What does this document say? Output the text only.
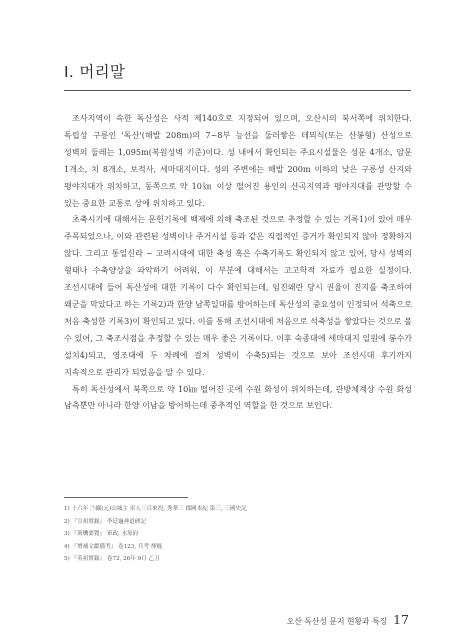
Ⅰ. 머리말

조사지역이 속한 독산성은 사적 제140호로 지정되어 있으며, 오산시의 북서쪽에 위치한다. 독립성 구릉인 '독산'(해발 208m)의 7~8부 능선을 둘러쌓은 테뫼식(또는 산봉형) 산성으로 성벽의 둘레는 1,095m(복원성벽 기준)이다. 성 내에서 확인되는 주요시설물은 성문 4개소, 암문 1개소, 치 8개소, 보적사, 세마대지이다. 성의 주변에는 해발 200m 이하의 낮은 구릉성 산지와 평야지대가 위치하고, 동쪽으로 약 10㎞ 이상 떨어진 용인의 산곡지역과 평야지대를 관망할 수 있는 중요한 교통로 상에 위치하고 있다.

초축시기에 대해서는 문헌기록에 백제에 의해 축조된 것으로 추정할 수 있는 기록1)이 있어 매우 주목되었으나, 이와 관련된 성벽이나 주거시설 등과 같은 직접적인 증거가 확인되지 않아 정확하지 않다. 그리고 통일신라 ~ 고려시대에 대한 축성 혹은 수축기록도 확인되지 않고 있어, 당시 성벽의 형태나 수축양상을 파악하기 어려워, 이 부분에 대해서는 고고학적 자료가 필요한 실정이다. 조선시대에 들어 독산성에 대한 기록이 다수 확인되는데, 임진왜란 당시 권율이 진지를 축조하여 왜군을 막았다고 하는 기록2)과 한양 남쪽일대를 방어하는데 독산성의 중요성이 인정되어 석축으로 처음 축성한 기록3)이 확인되고 있다. 이를 통해 조선시대에 처음으로 석축성을 쌓았다는 것으로 볼 수 있어, 그 축조시점을 추정할 수 있는 매우 좋은 기록이다. 이후 숙종대에 세마대지 일원에 봉수가 설치4)되고, 영조대에 두 차례에 걸쳐 성벽이 수축5)되는 것으로 보아 조선시대 후기까지 지속적으로 관리가 되었음을 알 수 있다.

특히 독산성에서 북쪽으로 약 10㎞ 떨어진 곳에 수원 화성이 위치하는데, 관방체계상 수원 화성 남측뿐만 아니라 한양 이남을 방어하는데 중추적인 역할을 한 것으로 보인다.

1) 十六年 ㉠攝(元)山城主 率人三百來投, 秀華三 郡國本紀 第三, 三國史記
2) 『宣祖實錄』 李廷龜神道碑記
3) 『萬機要覽』 軍政, 水原府
4) 『增補文獻備考』 卷123, 兵考 烽燧
5) 『英祖實錄』 卷72, 26年 9月 乙丑
오산 독산성 문지 현황과 특징 17
